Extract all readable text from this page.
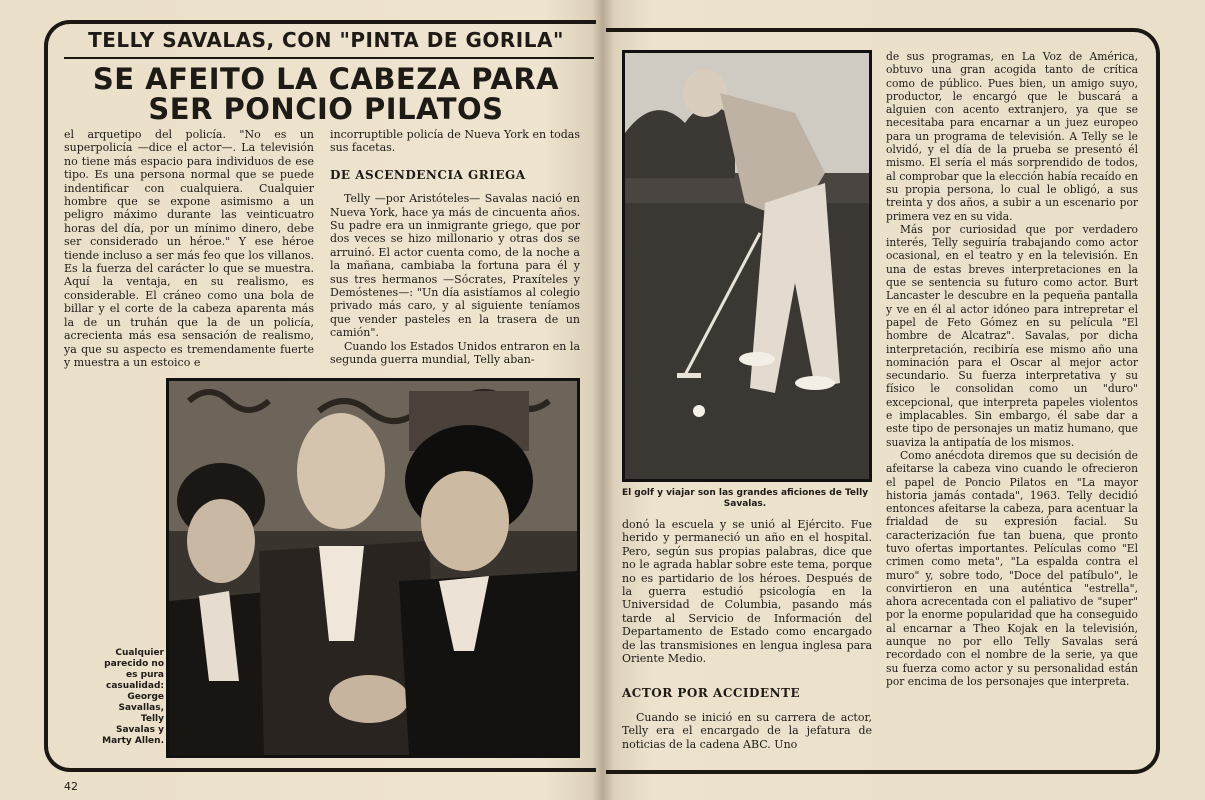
TELLY SAVALAS, CON "PINTA DE GORILA"
SE AFEITO LA CABEZA PARA
SER PONCIO PILATOS

el arquetipo del policía. "No es un superpolicía —dice el actor—. La televisión no tiene más espacio para individuos de ese tipo. Es una persona normal que se puede indentificar con cualquiera. Cualquier hombre que se expone asimismo a un peligro máximo durante las veinticuatro horas del día, por un mínimo dinero, debe ser considerado un héroe." Y ese héroe tiende incluso a ser más feo que los villanos. Es la fuerza del carácter lo que se muestra. Aquí la ventaja, en su realismo, es considerable. El cráneo como una bola de billar y el corte de la cabeza aparenta más la de un truhán que la de un policía, acrecienta más esa sensación de realismo, ya que su aspecto es tremendamente fuerte y muestra a un estoico e

incorruptible policía de Nueva York en todas sus facetas.

DE ASCENDENCIA GRIEGA

Telly —por Aristóteles— Savalas nació en Nueva York, hace ya más de cincuenta años. Su padre era un inmigrante griego, que por dos veces se hizo millonario y otras dos se arruinó. El actor cuenta como, de la noche a la mañana, cambiaba la fortuna para él y sus tres hermanos —Sócrates, Praxíteles y Demóstenes—: "Un día asistíamos al colegio privado más caro, y al siguiente teníamos que vender pasteles en la trasera de un camión".

Cuando los Estados Unidos entraron en la segunda guerra mundial, Telly aban-

Cualquier parecido no es pura casualidad: George Savallas, Telly Savalas y Marty Allen.
42
El golf y viajar son las grandes aficiones de Telly Savalas.

donó la escuela y se unió al Ejército. Fue herido y permaneció un año en el hospital. Pero, según sus propias palabras, dice que no le agrada hablar sobre este tema, porque no es partidario de los héroes. Después de la guerra estudió psicología en la Universidad de Columbia, pasando más tarde al Servicio de Información del Departamento de Estado como encargado de las transmisiones en lengua inglesa para Oriente Medio.

ACTOR POR ACCIDENTE

Cuando se inició en su carrera de actor, Telly era el encargado de la jefatura de noticias de la cadena ABC. Uno

de sus programas, en La Voz de América, obtuvo una gran acogida tanto de crítica como de público. Pues bien, un amigo suyo, productor, le encargó que le buscará a alguien con acento extranjero, ya que se necesitaba para encarnar a un juez europeo para un programa de televisión. A Telly se le olvidó, y el día de la prueba se presentó él mismo. El sería el más sorprendido de todos, al comprobar que la elección había recaído en su propia persona, lo cual le obligó, a sus treinta y dos años, a subir a un escenario por primera vez en su vida.

Más por curiosidad que por verdadero interés, Telly seguiría trabajando como actor ocasional, en el teatro y en la televisión. En una de estas breves interpretaciones en la que se sentencia su futuro como actor. Burt Lancaster le descubre en la pequeña pantalla y ve en él al actor idóneo para intrepretar el papel de Feto Gómez en su película "El hombre de Alcatraz". Savalas, por dicha interpretación, recibiría ese mismo año una nominación para el Oscar al mejor actor secundario. Su fuerza interpretativa y su físico le consolidan como un "duro" excepcional, que interpreta papeles violentos e implacables. Sin embargo, él sabe dar a este tipo de personajes un matiz humano, que suaviza la antipatía de los mismos.

Como anécdota diremos que su decisión de afeitarse la cabeza vino cuando le ofrecieron el papel de Poncio Pilatos en "La mayor historia jamás contada", 1963. Telly decidió entonces afeitarse la cabeza, para acentuar la frialdad de su expresión facial. Su caracterización fue tan buena, que pronto tuvo ofertas importantes. Películas como "El crimen como meta", "La espalda contra el muro" y, sobre todo, "Doce del patíbulo", le convirtieron en una auténtica "estrella", ahora acrecentada con el paliativo de "super" por la enorme popularidad que ha conseguido al encarnar a Theo Kojak en la televisión, aunque no por ello Telly Savalas será recordado con el nombre de la serie, ya que su fuerza como actor y su personalidad están por encima de los personajes que interpreta.
